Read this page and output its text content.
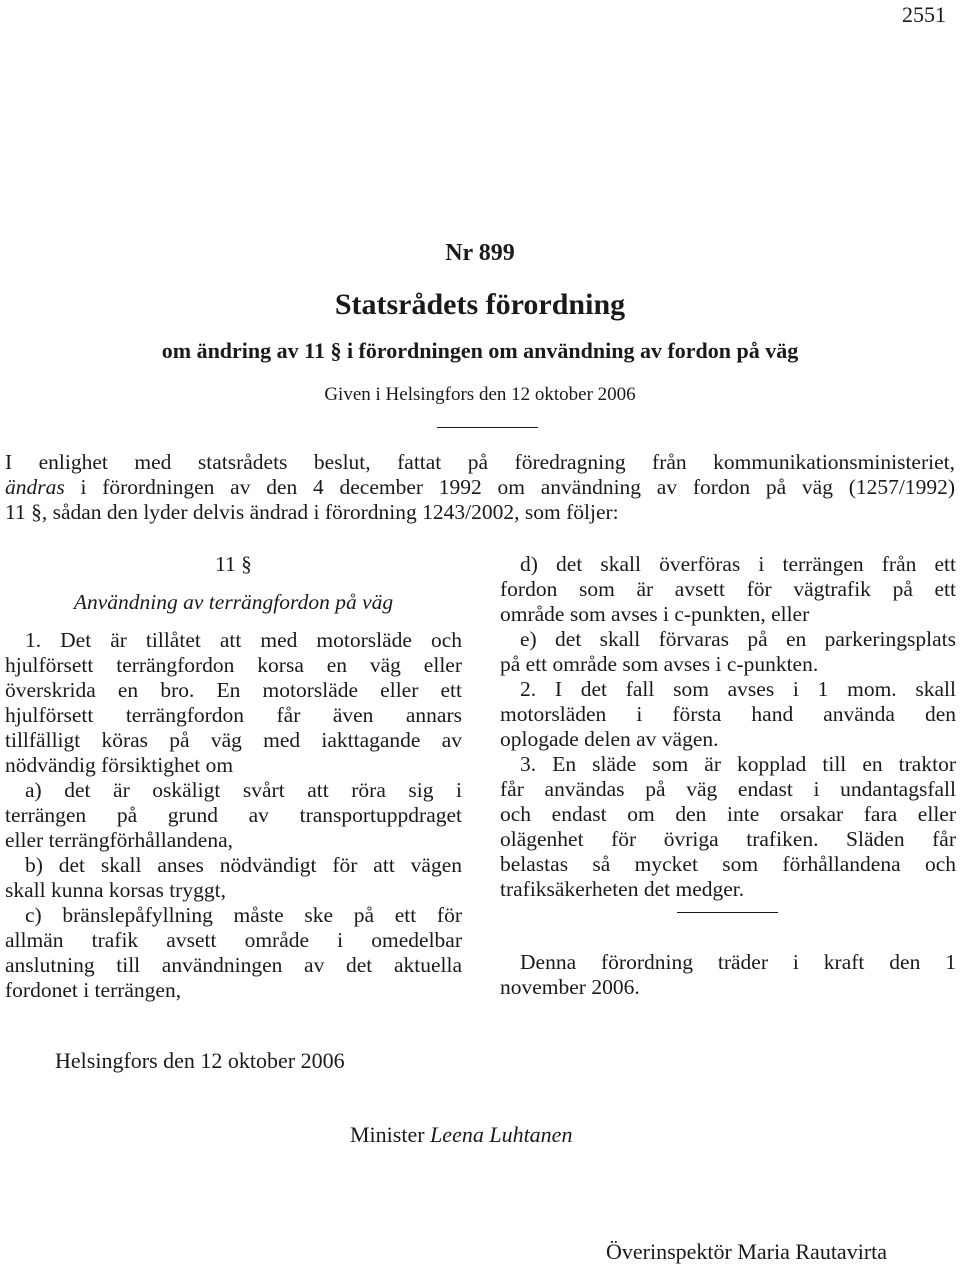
2551
Nr 899
Statsrådets förordning
om ändring av 11 § i förordningen om användning av fordon på väg
Given i Helsingfors den 12 oktober 2006
I enlighet med statsrådets beslut, fattat på föredragning från kommunikationsministeriet,
ändras i förordningen av den 4 december 1992 om användning av fordon på väg (1257/1992)
11 §, sådan den lyder delvis ändrad i förordning 1243/2002, som följer:
11 §
Användning av terrängfordon på väg
1. Det är tillåtet att med motorsläde och
hjulförsett terrängfordon korsa en väg eller
överskrida en bro. En motorsläde eller ett
hjulförsett terrängfordon får även annars
tillfälligt köras på väg med iakttagande av
nödvändig försiktighet om
a) det är oskäligt svårt att röra sig i
terrängen på grund av transportuppdraget
eller terrängförhållandena,
b) det skall anses nödvändigt för att vägen
skall kunna korsas tryggt,
c) bränslepåfyllning måste ske på ett för
allmän trafik avsett område i omedelbar
anslutning till användningen av det aktuella
fordonet i terrängen,
d) det skall överföras i terrängen från ett
fordon som är avsett för vägtrafik på ett
område som avses i c-punkten, eller
e) det skall förvaras på en parkeringsplats
på ett område som avses i c-punkten.
2. I det fall som avses i 1 mom. skall
motorsläden i första hand använda den
oplogade delen av vägen.
3. En släde som är kopplad till en traktor
får användas på väg endast i undantagsfall
och endast om den inte orsakar fara eller
olägenhet för övriga trafiken. Släden får
belastas så mycket som förhållandena och
trafiksäkerheten det medger.
Denna förordning träder i kraft den 1
november 2006.
Helsingfors den 12 oktober 2006
Minister Leena Luhtanen
Överinspektör Maria Rautavirta
